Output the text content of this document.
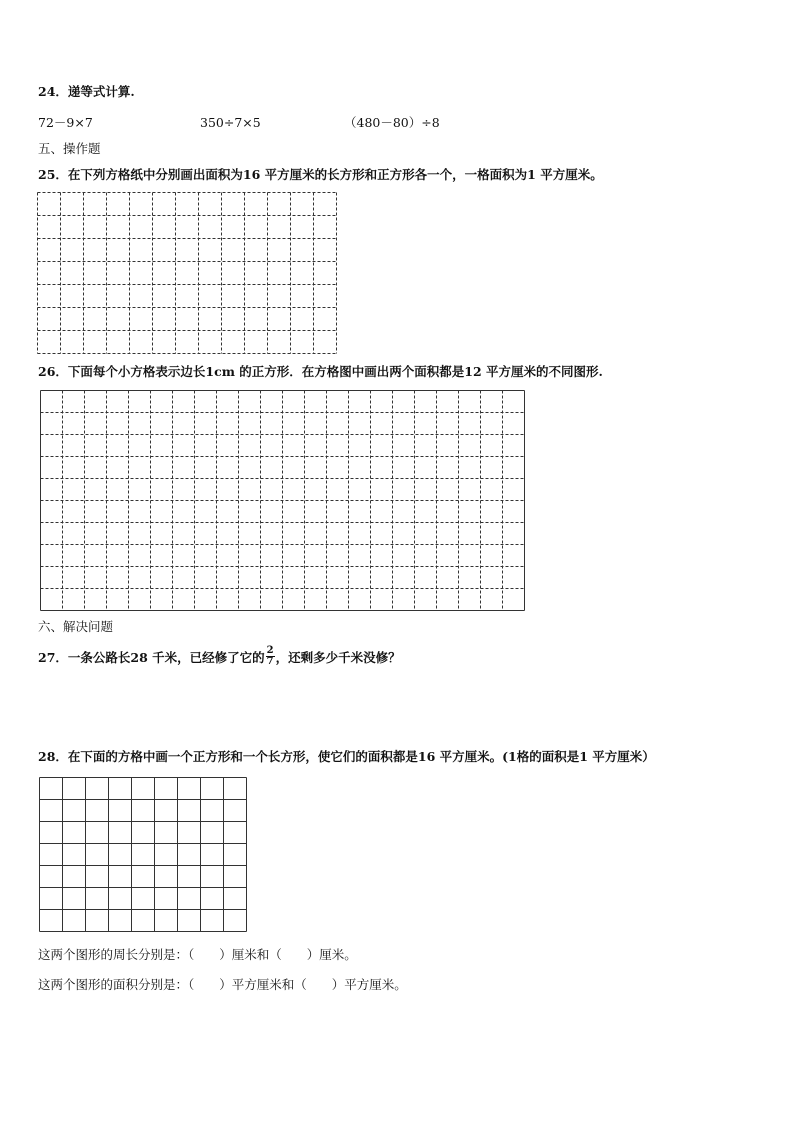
24．递等式计算.

72－9×7	350÷7×5	（480－80）÷8

五、操作题

25．在下列方格纸中分别画出面积为16 平方厘米的长方形和正方形各一个，一格面积为1 平方厘米。

26．下面每个小方格表示边长1cm 的正方形．在方格图中画出两个面积都是12 平方厘米的不同图形.

六、解决问题

27．一条公路长28 千米，已经修了它的 $\frac{2}{7}$ ，还剩多少千米没修？

28．在下面的方格中画一个正方形和一个长方形，使它们的面积都是16 平方厘米。(1格的面积是1 平方厘米）

这两个图形的周长分别是：（　　）厘米和（　　）厘米。

这两个图形的面积分别是：（　　）平方厘米和（　　）平方厘米。
